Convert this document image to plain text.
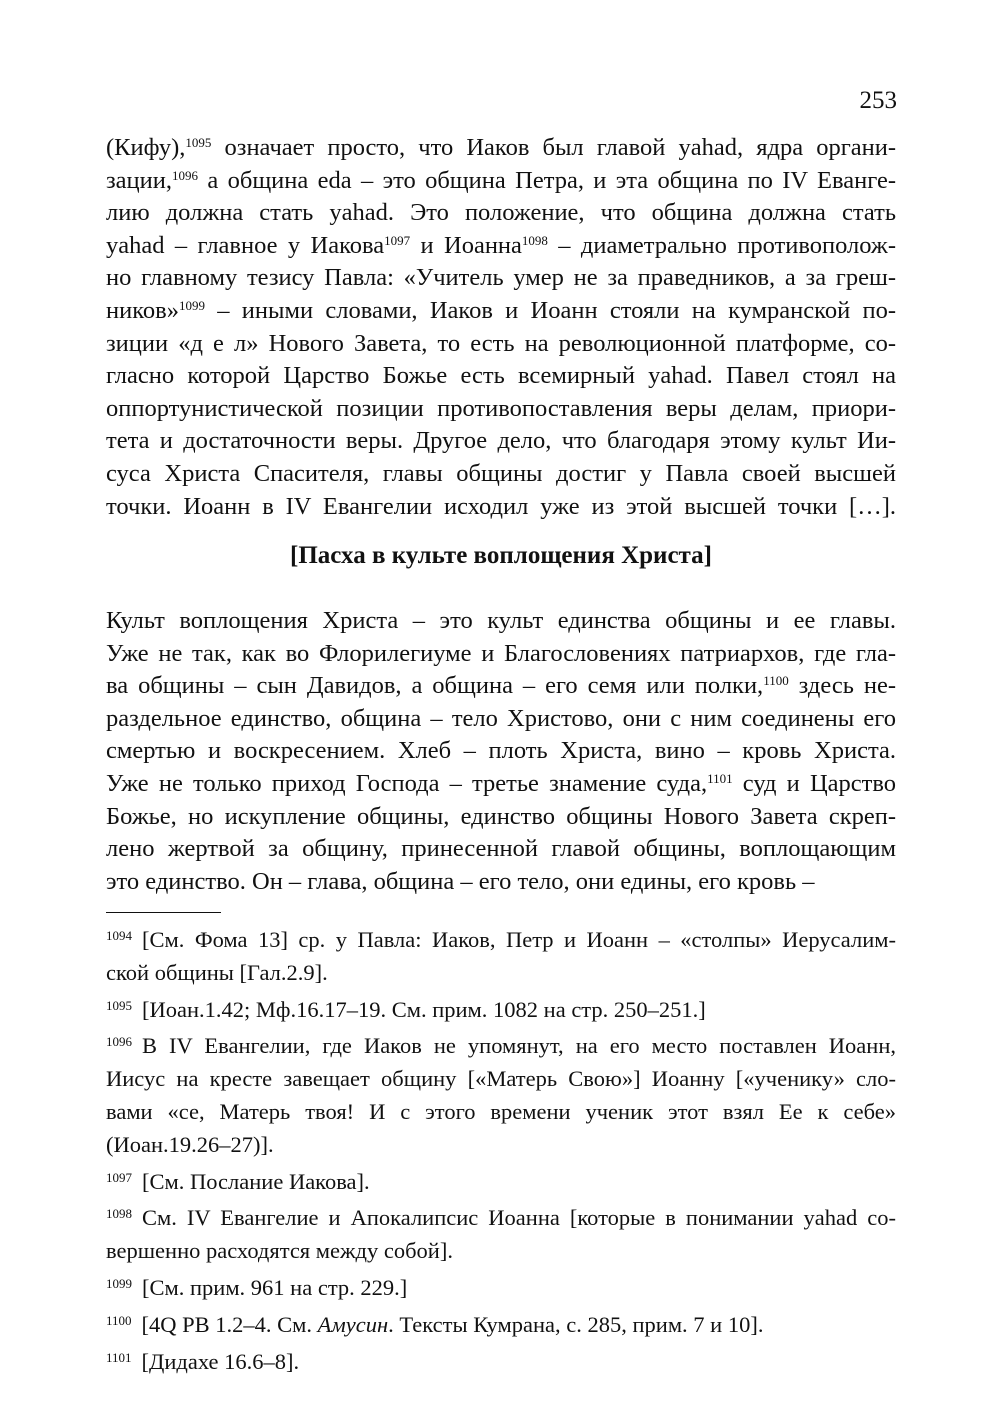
253
(Кифу),$^{1095}$ означает просто, что Иаков был главой yahad, ядра органи-
зации,$^{1096}$ а община eda – это община Петра, и эта община по IV Еванге-
лию должна стать yahad. Это положение, что община должна стать
yahad – главное у Иакова$^{1097}$ и Иоанна$^{1098}$ – диаметрально противополож-
но главному тезису Павла: «Учитель умер не за праведников, а за греш-
ников»$^{1099}$ – иными словами, Иаков и Иоанн стояли на кумранской по-
зиции «д е л» Нового Завета, то есть на революционной платформе, со-
гласно которой Царство Божье есть всемирный yahad. Павел стоял на
оппортунистической позиции противопоставления веры делам, приори-
тета и достаточности веры. Другое дело, что благодаря этому культ Ии-
суса Христа Спасителя, главы общины достиг у Павла своей высшей
точки. Иоанн в IV Евангелии исходил уже из этой высшей точки […].
[Пасха в культе воплощения Христа]
Культ воплощения Христа – это культ единства общины и ее главы.
Уже не так, как во Флорилегиуме и Благословениях патриархов, где гла-
ва общины – сын Давидов, а община – его семя или полки,$^{1100}$ здесь не-
раздельное единство, община – тело Христово, они с ним соединены его
смертью и воскресением. Хлеб – плоть Христа, вино – кровь Христа.
Уже не только приход Господа – третье знамение суда,$^{1101}$ суд и Царство
Божье, но искупление общины, единство общины Нового Завета скреп-
лено жертвой за общину, принесенной главой общины, воплощающим
это единство. Он – глава, община – его тело, они едины, его кровь –
1094 [См. Фома 13] ср. у Павла: Иаков, Петр и Иоанн – «столпы» Иерусалим-
ской общины [Гал.2.9].
1095 [Иоан.1.42; Мф.16.17–19. См. прим. 1082 на стр. 250–251.]
1096 В IV Евангелии, где Иаков не упомянут, на его место поставлен Иоанн,
Иисус на кресте завещает общину [«Матерь Свою»] Иоанну [«ученику» сло-
вами «се, Матерь твоя! И с этого времени ученик этот взял Ее к себе»
(Иоан.19.26–27)].
1097 [См. Послание Иакова].
1098 См. IV Евангелие и Апокалипсис Иоанна [которые в понимании yahad со-
вершенно расходятся между собой].
1099 [См. прим. 961 на стр. 229.]
1100 [4Q PB 1.2–4. См. Амусин. Тексты Кумрана, с. 285, прим. 7 и 10].
1101 [Дидахе 16.6–8].
